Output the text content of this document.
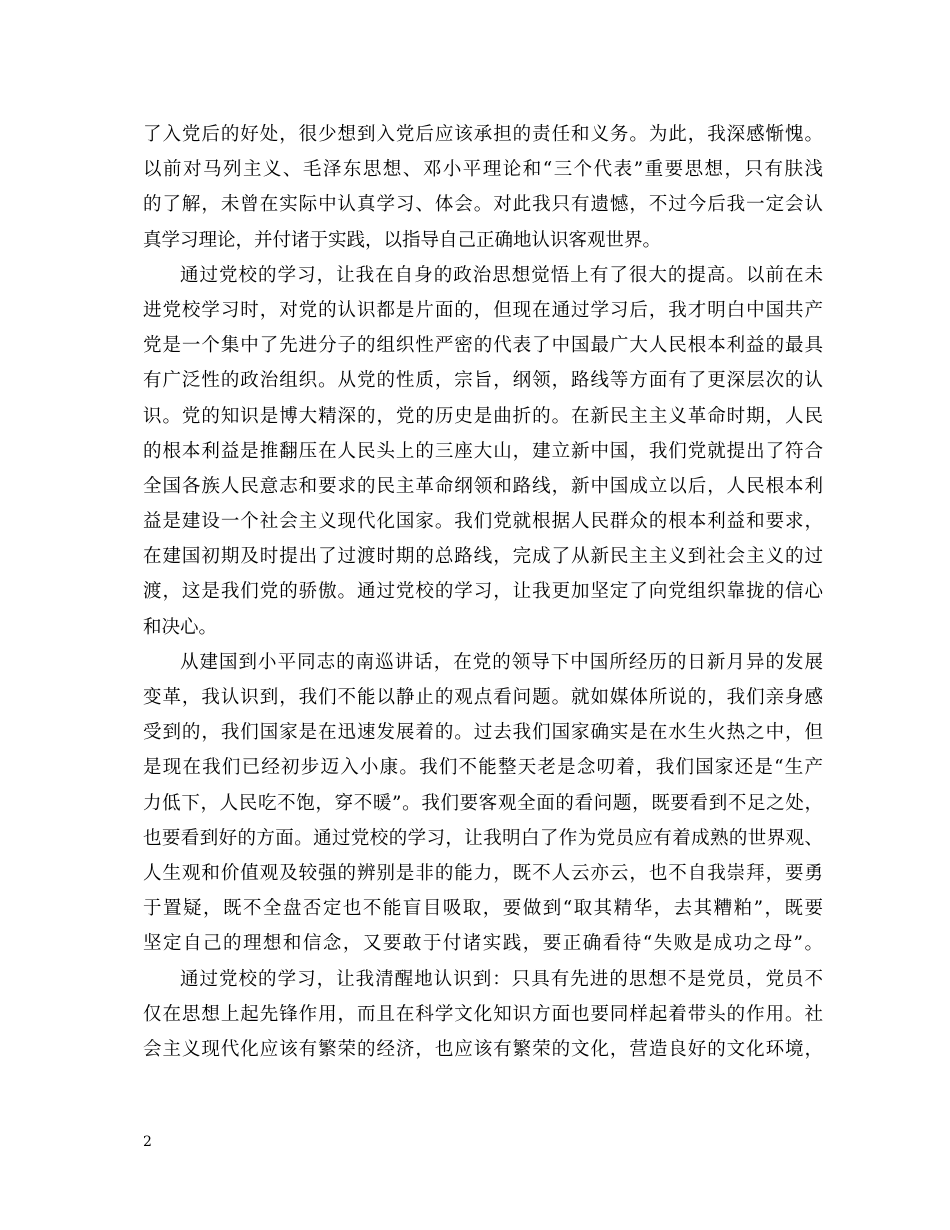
了入党后的好处，很少想到入党后应该承担的责任和义务。为此，我深感惭愧。
以前对马列主义、毛泽东思想、邓小平理论和“三个代表”重要思想，只有肤浅
的了解，未曾在实际中认真学习、体会。对此我只有遗憾，不过今后我一定会认
真学习理论，并付诸于实践，以指导自己正确地认识客观世界。
通过党校的学习，让我在自身的政治思想觉悟上有了很大的提高。以前在未
进党校学习时，对党的认识都是片面的，但现在通过学习后，我才明白中国共产
党是一个集中了先进分子的组织性严密的代表了中国最广大人民根本利益的最具
有广泛性的政治组织。从党的性质，宗旨，纲领，路线等方面有了更深层次的认
识。党的知识是博大精深的，党的历史是曲折的。在新民主主义革命时期，人民
的根本利益是推翻压在人民头上的三座大山，建立新中国，我们党就提出了符合
全国各族人民意志和要求的民主革命纲领和路线，新中国成立以后，人民根本利
益是建设一个社会主义现代化国家。我们党就根据人民群众的根本利益和要求，
在建国初期及时提出了过渡时期的总路线，完成了从新民主主义到社会主义的过
渡，这是我们党的骄傲。通过党校的学习，让我更加坚定了向党组织靠拢的信心
和决心。
从建国到小平同志的南巡讲话，在党的领导下中国所经历的日新月异的发展
变革，我认识到，我们不能以静止的观点看问题。就如媒体所说的，我们亲身感
受到的，我们国家是在迅速发展着的。过去我们国家确实是在水生火热之中，但
是现在我们已经初步迈入小康。我们不能整天老是念叨着，我们国家还是“生产
力低下，人民吃不饱，穿不暖”。我们要客观全面的看问题，既要看到不足之处，
也要看到好的方面。通过党校的学习，让我明白了作为党员应有着成熟的世界观、
人生观和价值观及较强的辨别是非的能力，既不人云亦云，也不自我崇拜，要勇
于置疑，既不全盘否定也不能盲目吸取，要做到“取其精华，去其糟粕”，既要
坚定自己的理想和信念，又要敢于付诸实践，要正确看待“失败是成功之母”。
通过党校的学习，让我清醒地认识到：只具有先进的思想不是党员，党员不
仅在思想上起先锋作用，而且在科学文化知识方面也要同样起着带头的作用。社
会主义现代化应该有繁荣的经济，也应该有繁荣的文化，营造良好的文化环境，
2
